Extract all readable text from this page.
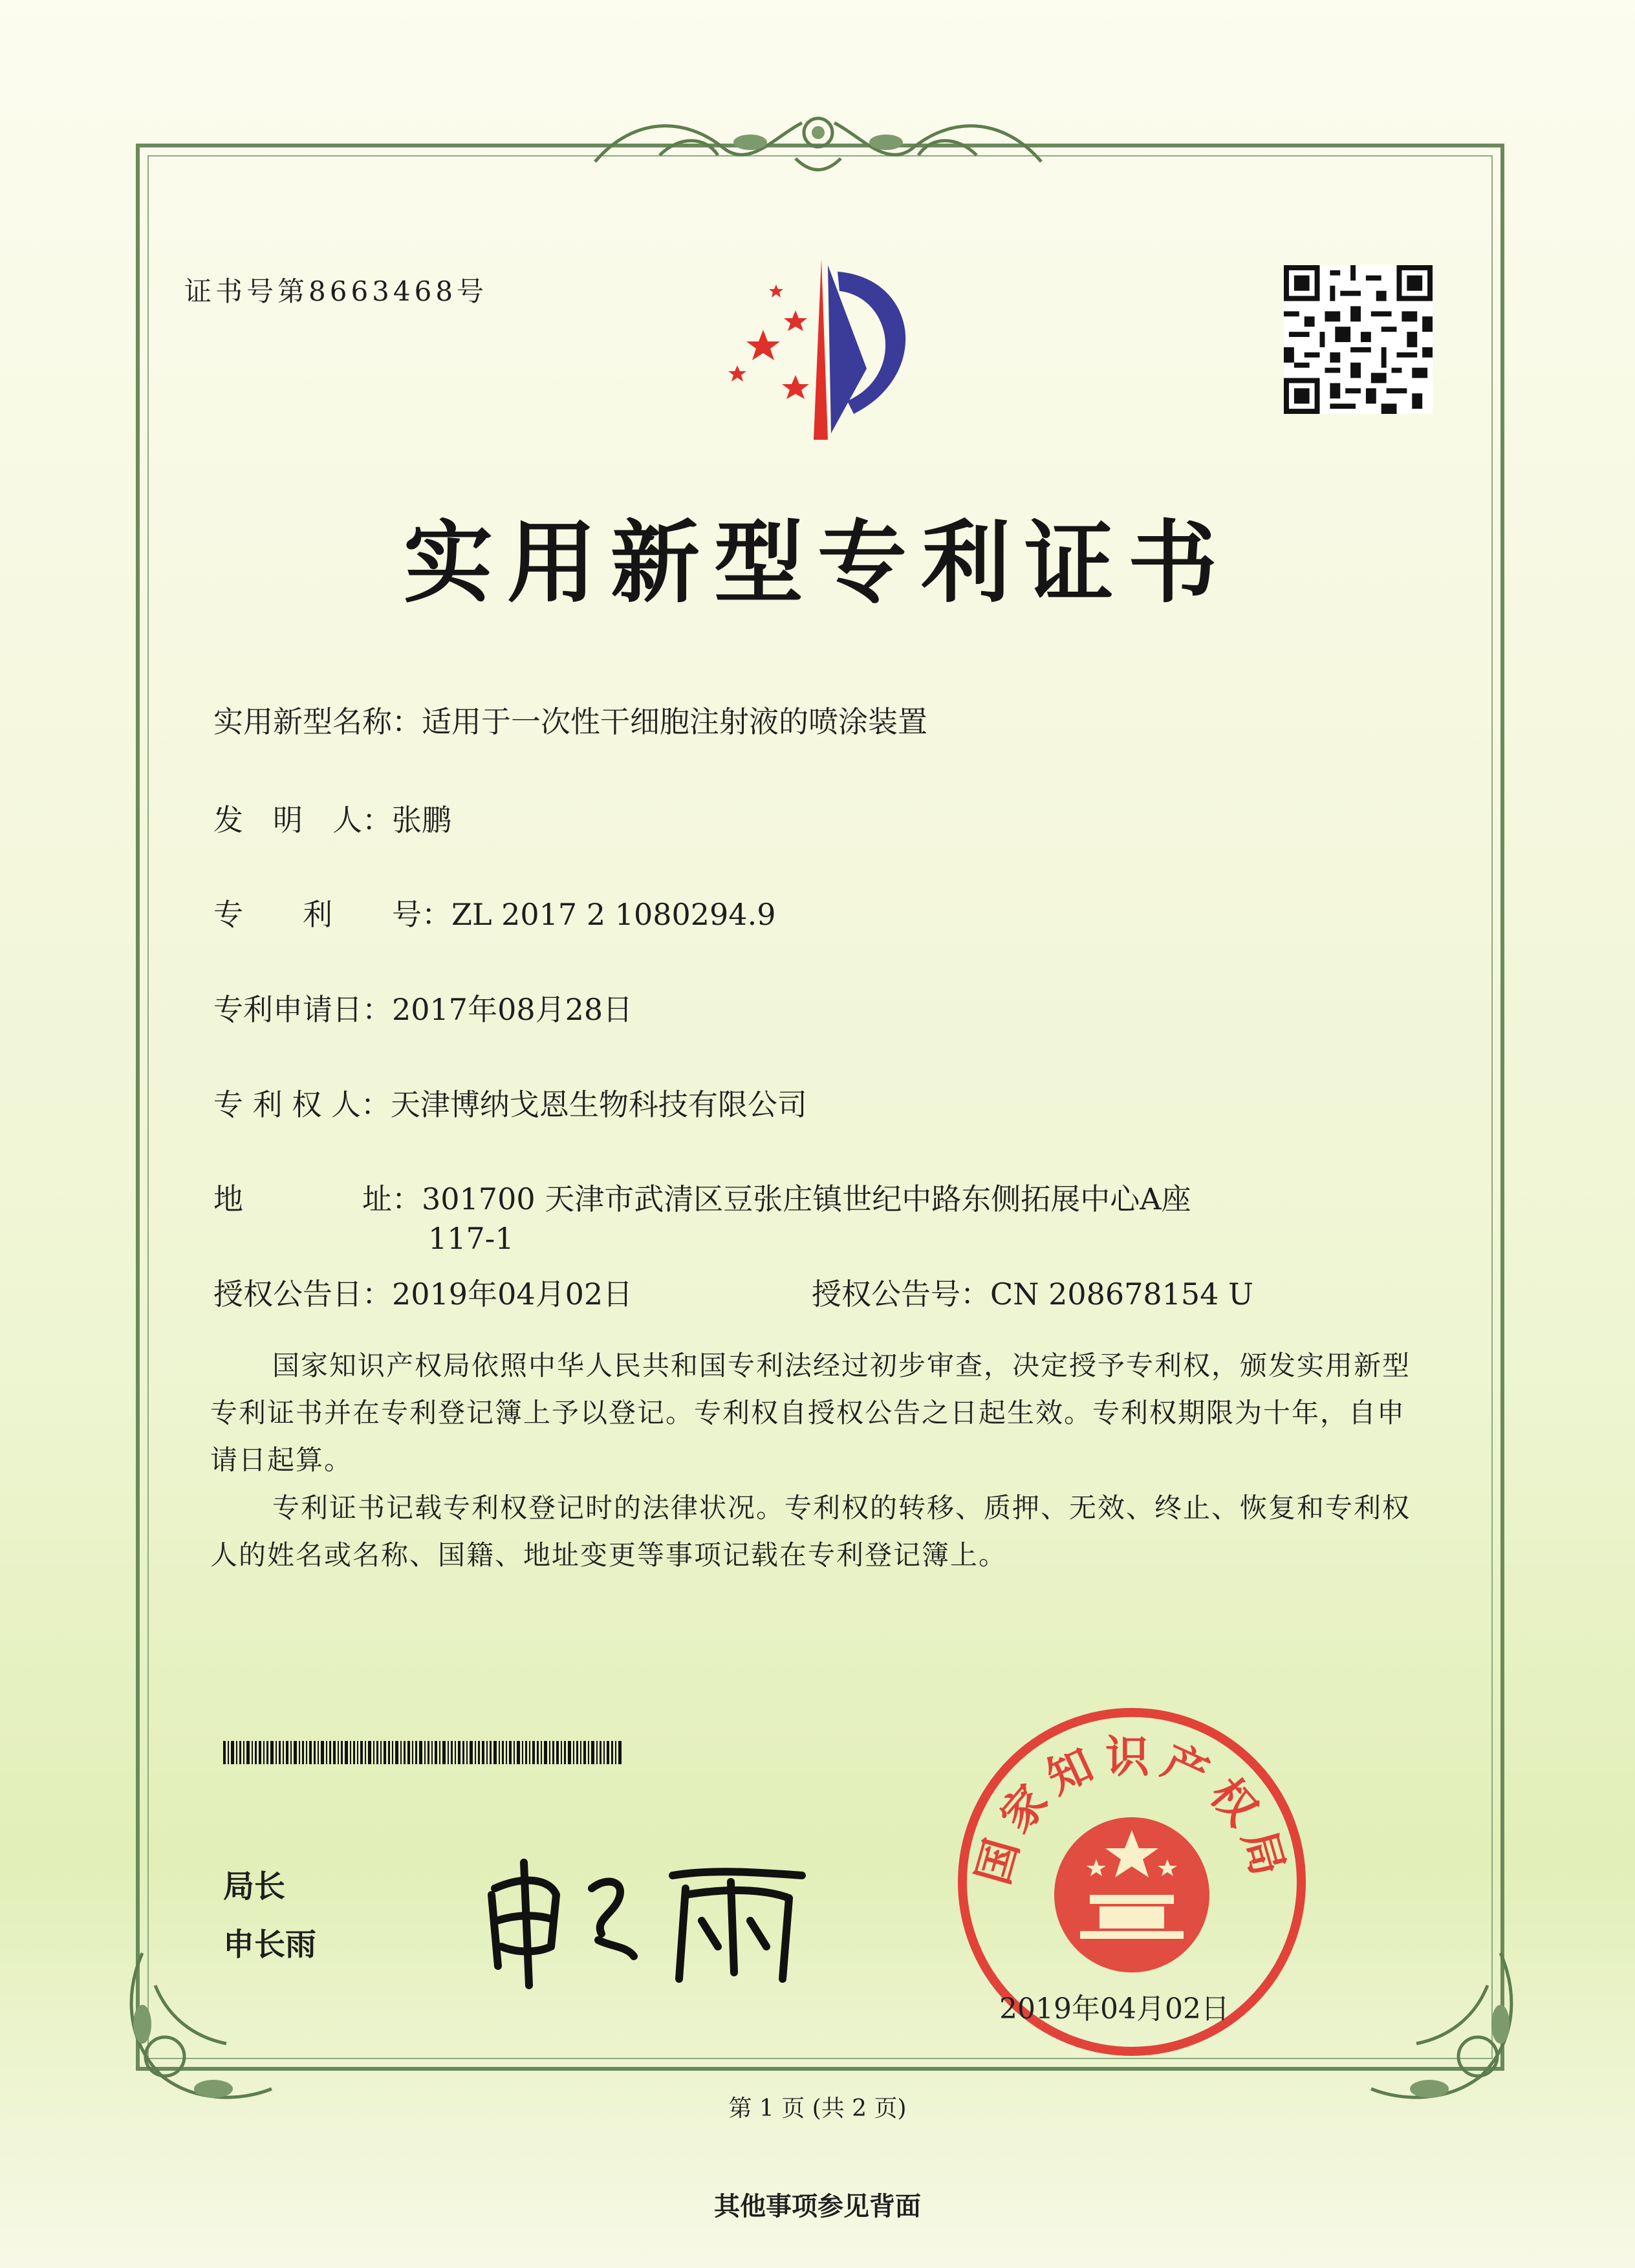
证书号第8663468号
实用新型专利证书
实用新型名称：适用于一次性干细胞注射液的喷涂装置
发　明　人：张鹏
专　　利　　号：ZL 2017 2 1080294.9
专利申请日：2017年08月28日
专 利 权 人：天津博纳戈恩生物科技有限公司
地　　　　址：301700 天津市武清区豆张庄镇世纪中路东侧拓展中心A座
117-1
授权公告日：2019年04月02日	授权公告号：CN 208678154 U
国家知识产权局依照中华人民共和国专利法经过初步审查，决定授予专利权，颁发实用新型专利证书并在专利登记簿上予以登记。专利权自授权公告之日起生效。专利权期限为十年，自申请日起算。
专利证书记载专利权登记时的法律状况。专利权的转移、质押、无效、终止、恢复和专利权人的姓名或名称、国籍、地址变更等事项记载在专利登记簿上。
局长
申长雨
国家知识产权局
2019年04月02日
第 1 页 (共 2 页)
其他事项参见背面
